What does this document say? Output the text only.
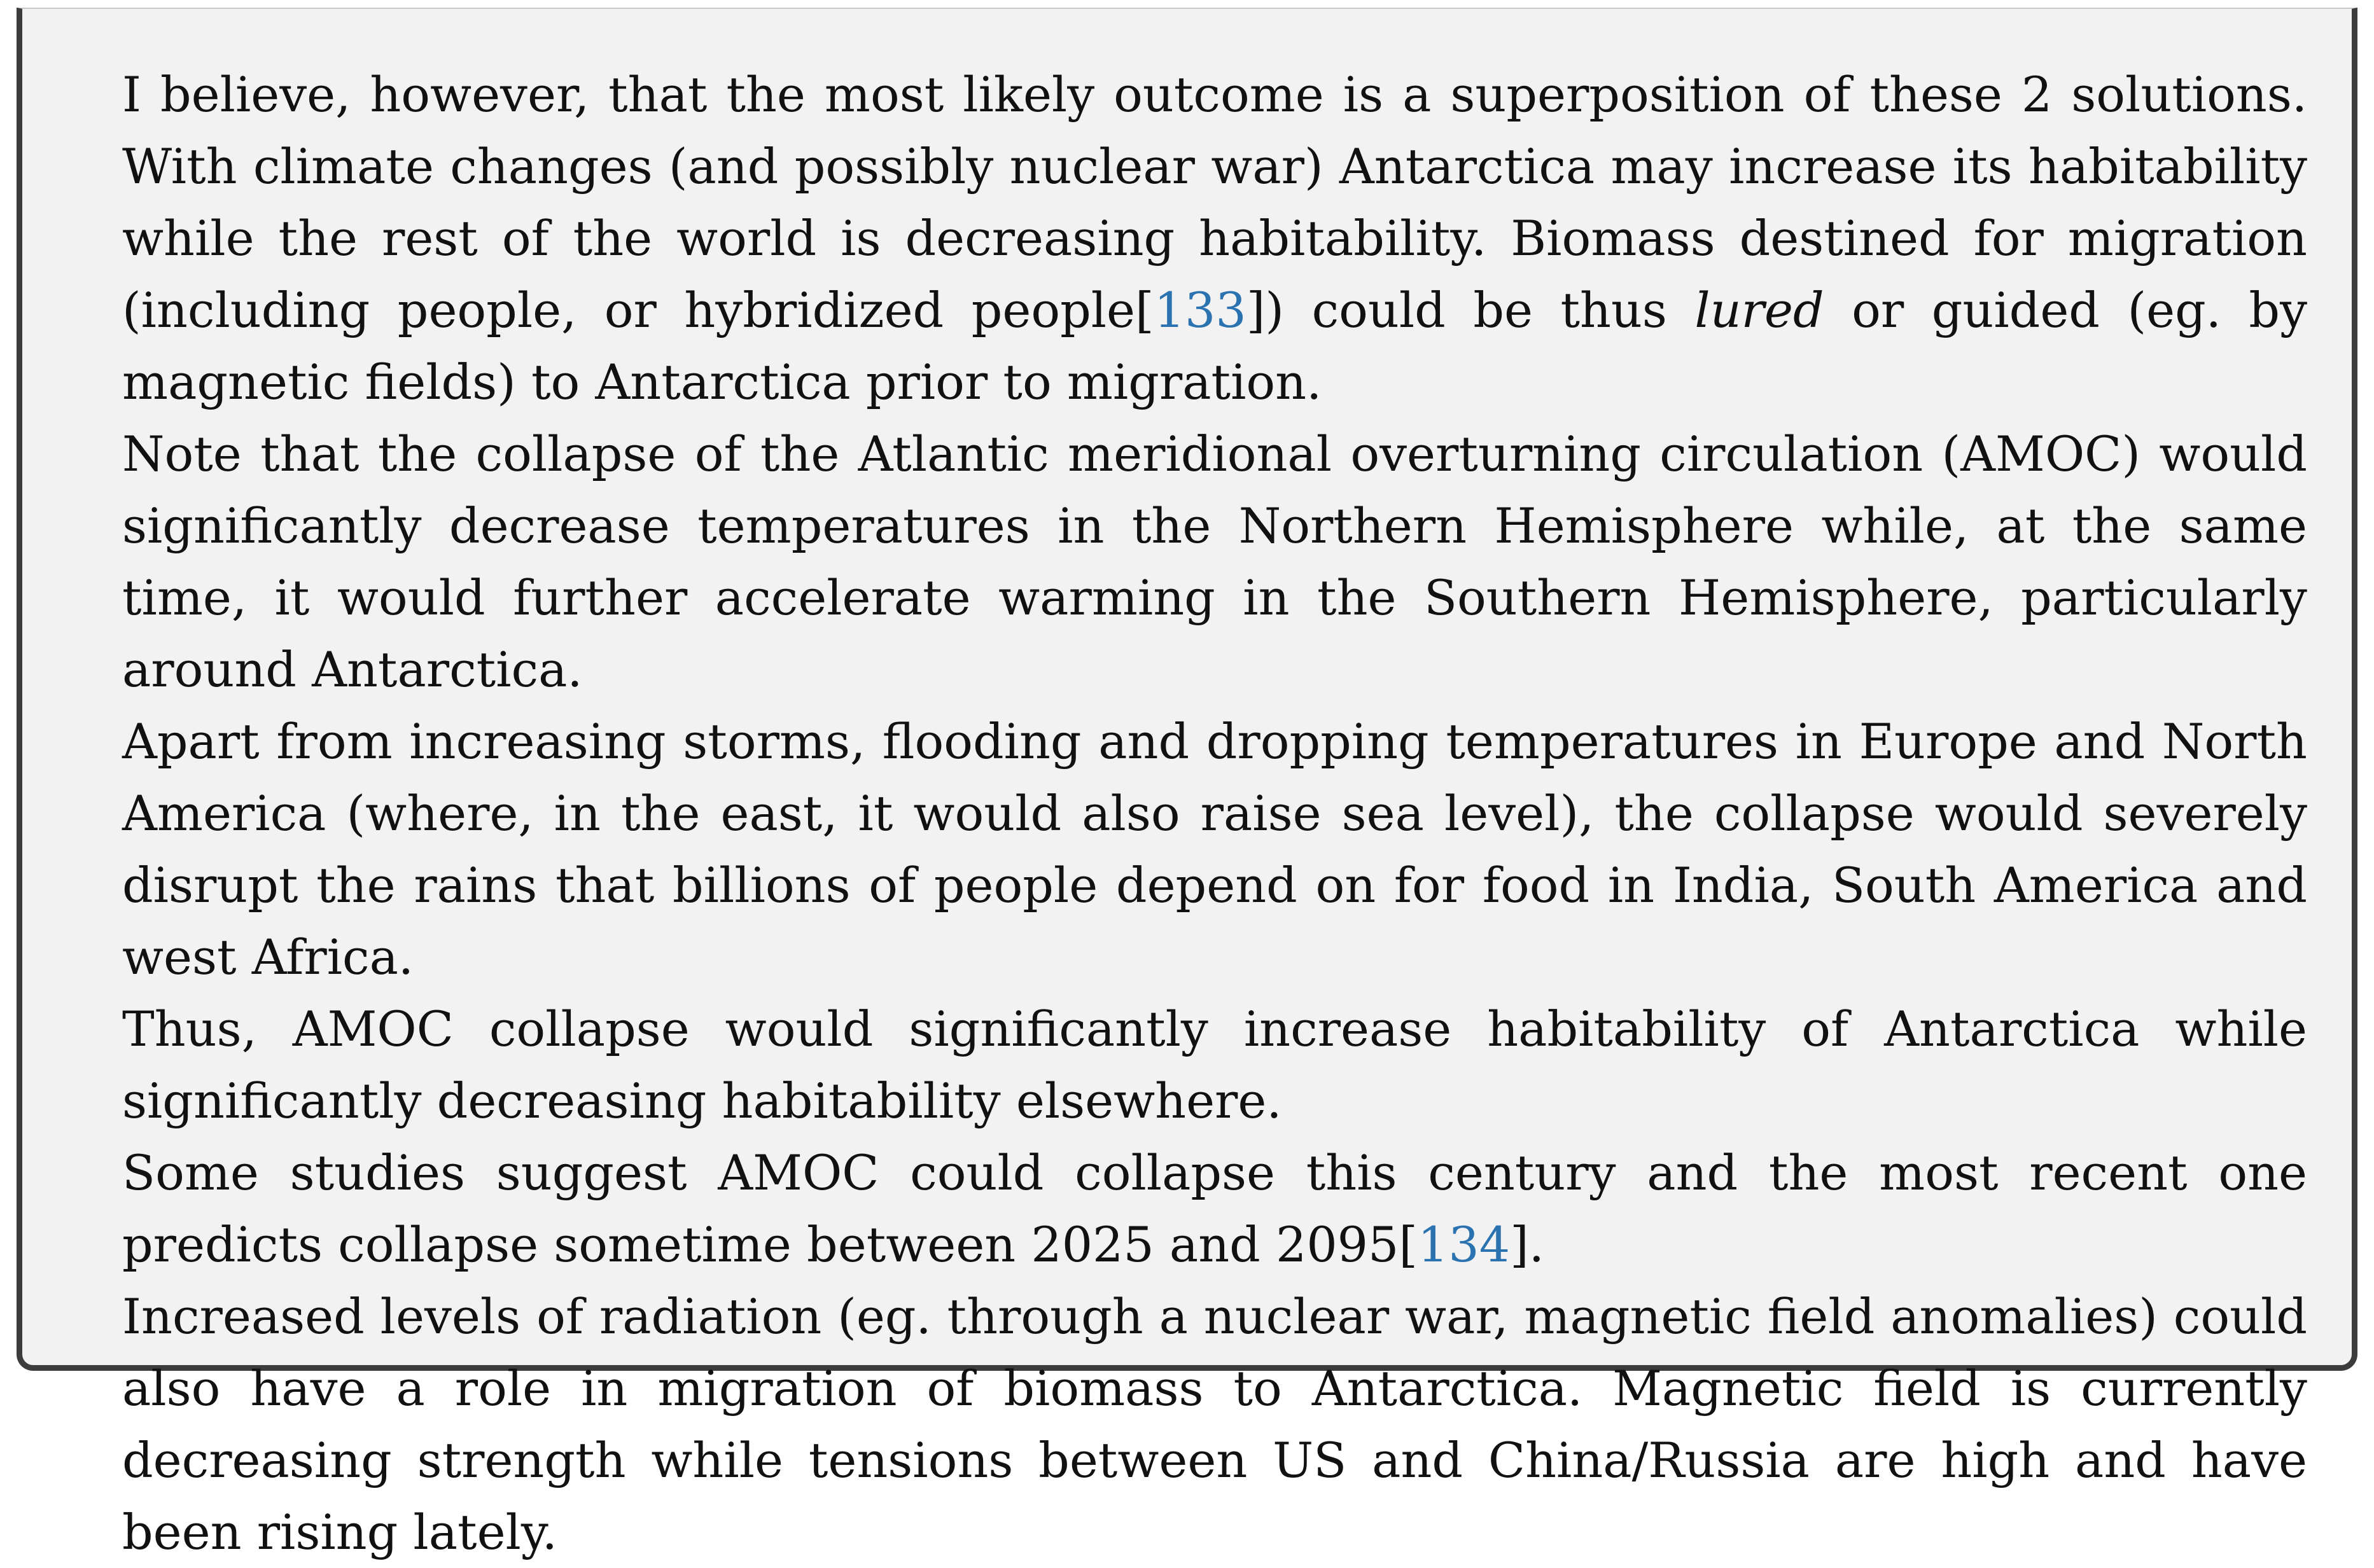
I believe, however, that the most likely outcome is a superposition of these 2 solutions. With climate changes (and possibly nuclear war) Antarctica may increase its habitability while the rest of the world is decreasing habitability. Biomass destined for migration (including people, or hybridized people[133]) could be thus lured or guided (eg. by magnetic fields) to Antarctica prior to migration.

Note that the collapse of the Atlantic meridional overturning circulation (AMOC) would significantly decrease temperatures in the Northern Hemisphere while, at the same time, it would further accelerate warming in the Southern Hemisphere, particularly around Antarctica.

Apart from increasing storms, flooding and dropping temperatures in Europe and North America (where, in the east, it would also raise sea level), the collapse would severely disrupt the rains that billions of people depend on for food in India, South America and west Africa.

Thus, AMOC collapse would significantly increase habitability of Antarctica while significantly decreasing habitability elsewhere.

Some studies suggest AMOC could collapse this century and the most recent one predicts collapse sometime between 2025 and 2095[134].

Increased levels of radiation (eg. through a nuclear war, magnetic field anomalies) could also have a role in migration of biomass to Antarctica. Magnetic field is currently decreasing strength while tensions between US and China/Russia are high and have been rising lately.
